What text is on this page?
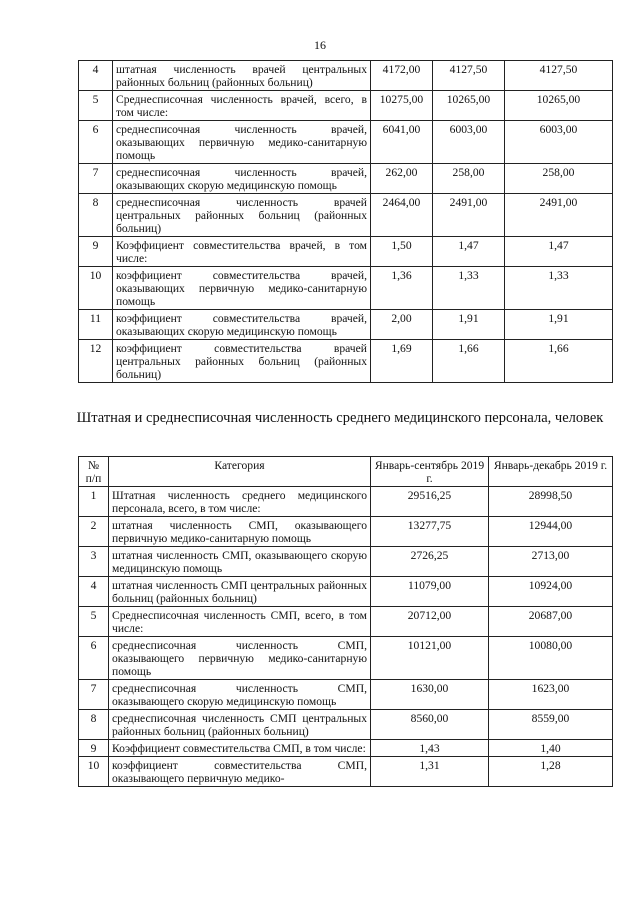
16
4	штатная численность врачей центральных районных больниц (районных больниц)	4172,00	4127,50	4127,50
5	Среднесписочная численность врачей, всего, в том числе:	10275,00	10265,00	10265,00
6	среднесписочная численность врачей, оказывающих первичную медико-санитарную помощь	6041,00	6003,00	6003,00
7	среднесписочная численность врачей, оказывающих скорую медицинскую помощь	262,00	258,00	258,00
8	среднесписочная численность врачей центральных районных больниц (районных больниц)	2464,00	2491,00	2491,00
9	Коэффициент совместительства врачей, в том числе:	1,50	1,47	1,47
10	коэффициент совместительства врачей, оказывающих первичную медико-санитарную помощь	1,36	1,33	1,33
11	коэффициент совместительства врачей, оказывающих скорую медицинскую помощь	2,00	1,91	1,91
12	коэффициент совместительства врачей центральных районных больниц (районных больниц)	1,69	1,66	1,66
Штатная и среднесписочная численность среднего медицинского персонала, человек
№ п/п	Категория	Январь-сентябрь 2019 г.	Январь-декабрь 2019 г.
1	Штатная численность среднего медицинского персонала, всего, в том числе:	29516,25	28998,50
2	штатная численность СМП, оказывающего первичную медико-санитарную помощь	13277,75	12944,00
3	штатная численность СМП, оказывающего скорую медицинскую помощь	2726,25	2713,00
4	штатная численность СМП центральных районных больниц (районных больниц)	11079,00	10924,00
5	Среднесписочная численность СМП, всего, в том числе:	20712,00	20687,00
6	среднесписочная численность СМП, оказывающего первичную медико-санитарную помощь	10121,00	10080,00
7	среднесписочная численность СМП, оказывающего скорую медицинскую помощь	1630,00	1623,00
8	среднесписочная численность СМП центральных районных больниц (районных больниц)	8560,00	8559,00
9	Коэффициент совместительства СМП, в том числе:	1,43	1,40
10	коэффициент совместительства СМП, оказывающего первичную медико-	1,31	1,28
